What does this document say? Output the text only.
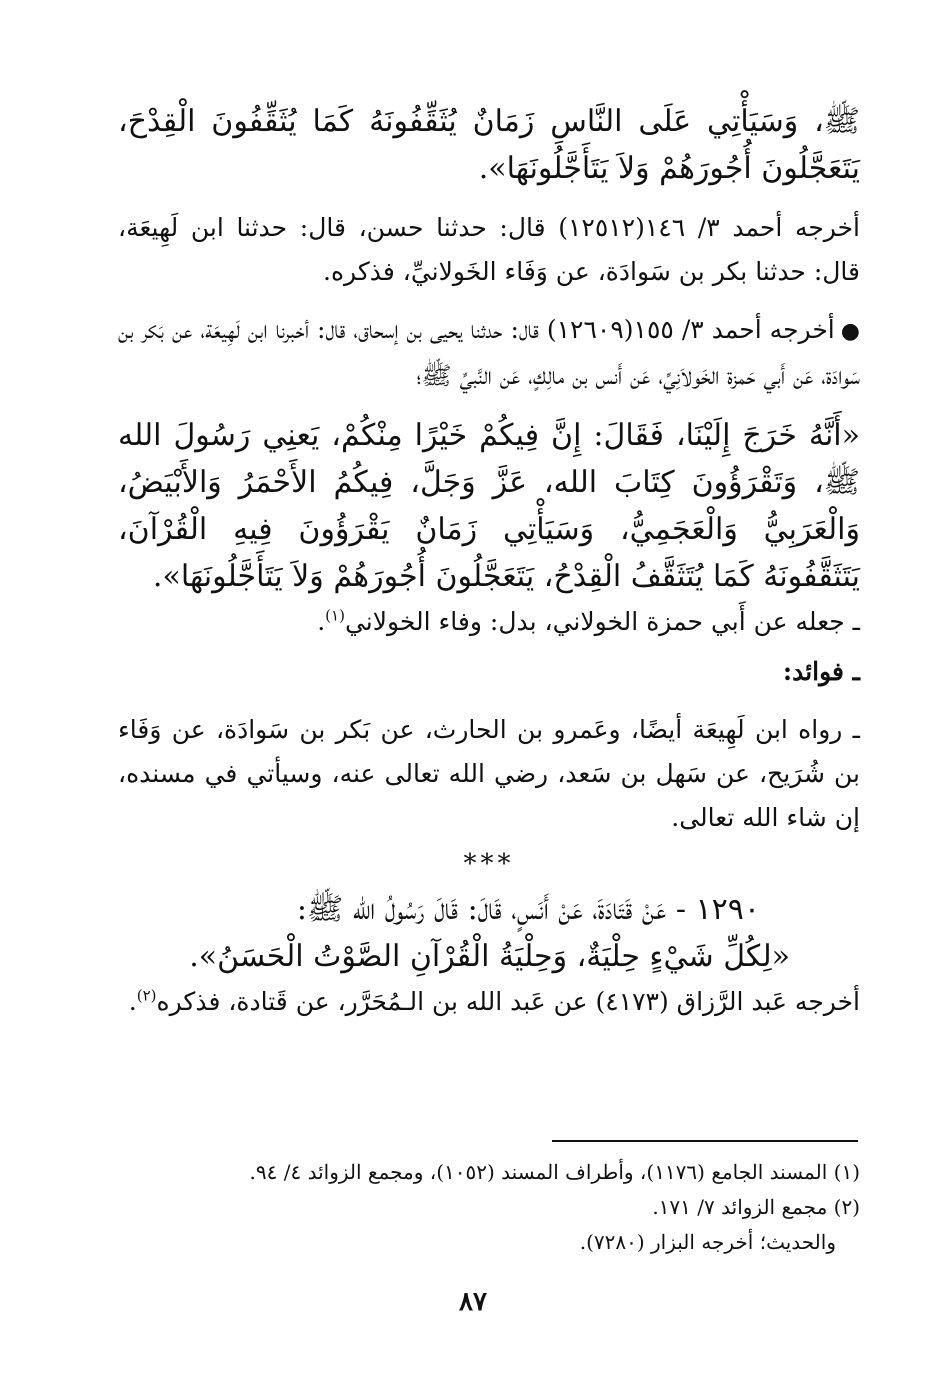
ﷺ، وَسَيَأْتِي عَلَى النَّاسِ زَمَانٌ يُثَقِّفُونَهُ كَمَا يُثَقِّفُونَ الْقِدْحَ، يَتَعَجَّلُونَ أُجُورَهُمْ وَلاَ يَتَأَجَّلُونَهَا».

أخرجه أحمد ٣/ ١٤٦(١٢٥١٢) قال: حدثنا حسن، قال: حدثنا ابن لَهِيعَة، قال: حدثنا بكر بن سَوادَة، عن وَفَاء الخَولانيِّ، فذكره.

●أخرجه أحمد ٣/ ١٥٥(١٢٦٠٩) قال: حدثنا يحيى بن إسحاق، قال: أخبرنا ابن لَهِيعَة، عن بَكر بن سَوادَة، عَن أَبي حَمزة الخَولاَنِيِّ، عَن أَنس بن مالِكٍ، عَن النَّبيِّ ﷺ؛

«أَنَّهُ خَرَجَ إِلَيْنَا، فَقَالَ: إِنَّ فِيكُمْ خَيْرًا مِنْكُمْ، يَعنِي رَسُولَ الله ﷺ، وَتَقْرَؤُونَ كِتَابَ الله، عَزَّ وَجَلَّ، فِيكُمُ الأَحْمَرُ وَالأَبْيَضُ، وَالْعَرَبِيُّ وَالْعَجَمِيُّ، وَسَيَأْتِي زَمَانٌ يَقْرَؤُونَ فِيهِ الْقُرْآنَ، يَتَثَقَّفُونَهُ كَمَا يُتَثَقَّفُ الْقِدْحُ، يَتَعَجَّلُونَ أُجُورَهُمْ وَلاَ يَتَأَجَّلُونَهَا».

ـ جعله عن أَبي حمزة الخولاني، بدل: وفاء الخولاني$^{(١)}$.

ـ فوائد:

ـ رواه ابن لَهِيعَة أيضًا، وعَمرو بن الحارث، عن بَكر بن سَوادَة، عن وَفَاء بن شُرَيح، عن سَهل بن سَعد، رضي الله تعالى عنه، وسيأتي في مسنده، إن شاء الله تعالى.

***

١٢٩٠ - عَنْ قَتَادَةَ، عَنْ أَنَسٍ، قَالَ: قَالَ رَسُولُ الله ﷺ:

«لِكُلِّ شَيْءٍ حِلْيَةٌ، وَحِلْيَةُ الْقُرْآنِ الصَّوْتُ الْحَسَنُ».

أخرجه عَبد الرَّزاق (٤١٧٣) عن عَبد الله بن الـمُحَرَّر، عن قَتادة، فذكره$^{(٢)}$.

(١) المسند الجامع (١١٧٦)، وأطراف المسند (١٠٥٢)، ومجمع الزوائد ٤/ ٩٤.

(٢) مجمع الزوائد ٧/ ١٧١.

والحديث؛ أخرجه البزار (٧٢٨٠).

٨٧
